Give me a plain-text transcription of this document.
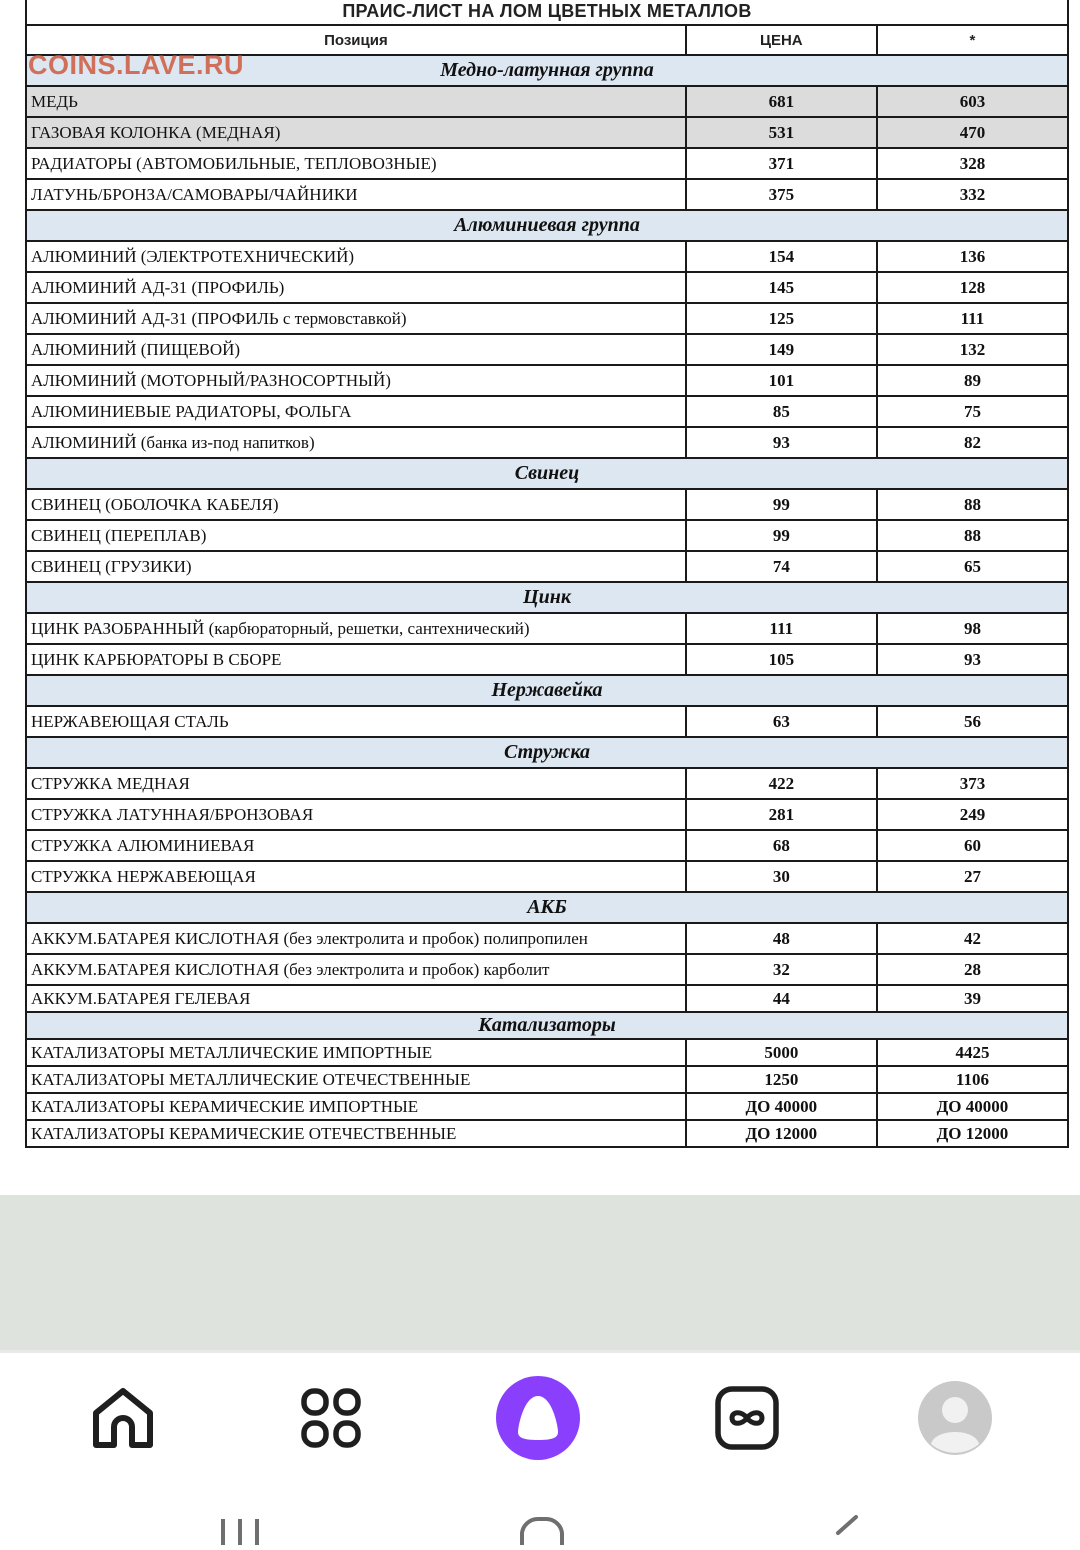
ПРАИС-ЛИСТ НА ЛОМ ЦВЕТНЫХ МЕТАЛЛОВ		
Позиция	ЦЕНА	*
Медно-латунная группа		
МЕДЬ	681	603
ГАЗОВАЯ КОЛОНКА (МЕДНАЯ)	531	470
РАДИАТОРЫ (АВТОМОБИЛЬНЫЕ, ТЕПЛОВОЗНЫЕ)	371	328
ЛАТУНЬ/БРОНЗА/САМОВАРЫ/ЧАЙНИКИ	375	332
Алюминиевая группа		
АЛЮМИНИЙ (ЭЛЕКТРОТЕХНИЧЕСКИЙ)	154	136
АЛЮМИНИЙ АД-31 (ПРОФИЛЬ)	145	128
АЛЮМИНИЙ АД-31 (ПРОФИЛЬ с термовставкой)	125	111
АЛЮМИНИЙ (ПИЩЕВОЙ)	149	132
АЛЮМИНИЙ (МОТОРНЫЙ/РАЗНОСОРТНЫЙ)	101	89
АЛЮМИНИЕВЫЕ РАДИАТОРЫ, ФОЛЬГА	85	75
АЛЮМИНИЙ (банка из-под напитков)	93	82
Свинец		
СВИНЕЦ (ОБОЛОЧКА КАБЕЛЯ)	99	88
СВИНЕЦ (ПЕРЕПЛАВ)	99	88
СВИНЕЦ (ГРУЗИКИ)	74	65
Цинк		
ЦИНК РАЗОБРАННЫЙ (карбюраторный, решетки, сантехнический)	111	98
ЦИНК КАРБЮРАТОРЫ В СБОРЕ	105	93
Нержавейка		
НЕРЖАВЕЮЩАЯ СТАЛЬ	63	56
Стружка		
СТРУЖКА МЕДНАЯ	422	373
СТРУЖКА ЛАТУННАЯ/БРОНЗОВАЯ	281	249
СТРУЖКА АЛЮМИНИЕВАЯ	68	60
СТРУЖКА НЕРЖАВЕЮЩАЯ	30	27
АКБ		
АККУМ.БАТАРЕЯ КИСЛОТНАЯ (без электролита и пробок) полипропилен	48	42
АККУМ.БАТАРЕЯ КИСЛОТНАЯ (без электролита и пробок) карболит	32	28
АККУМ.БАТАРЕЯ ГЕЛЕВАЯ	44	39
Катализаторы		
КАТАЛИЗАТОРЫ МЕТАЛЛИЧЕСКИЕ ИМПОРТНЫЕ	5000	4425
КАТАЛИЗАТОРЫ МЕТАЛЛИЧЕСКИЕ ОТЕЧЕСТВЕННЫЕ	1250	1106
КАТАЛИЗАТОРЫ КЕРАМИЧЕСКИЕ ИМПОРТНЫЕ	ДО 40000	ДО 40000
КАТАЛИЗАТОРЫ КЕРАМИЧЕСКИЕ ОТЕЧЕСТВЕННЫЕ	ДО 12000	ДО 12000
COINS.LAVE.RU
